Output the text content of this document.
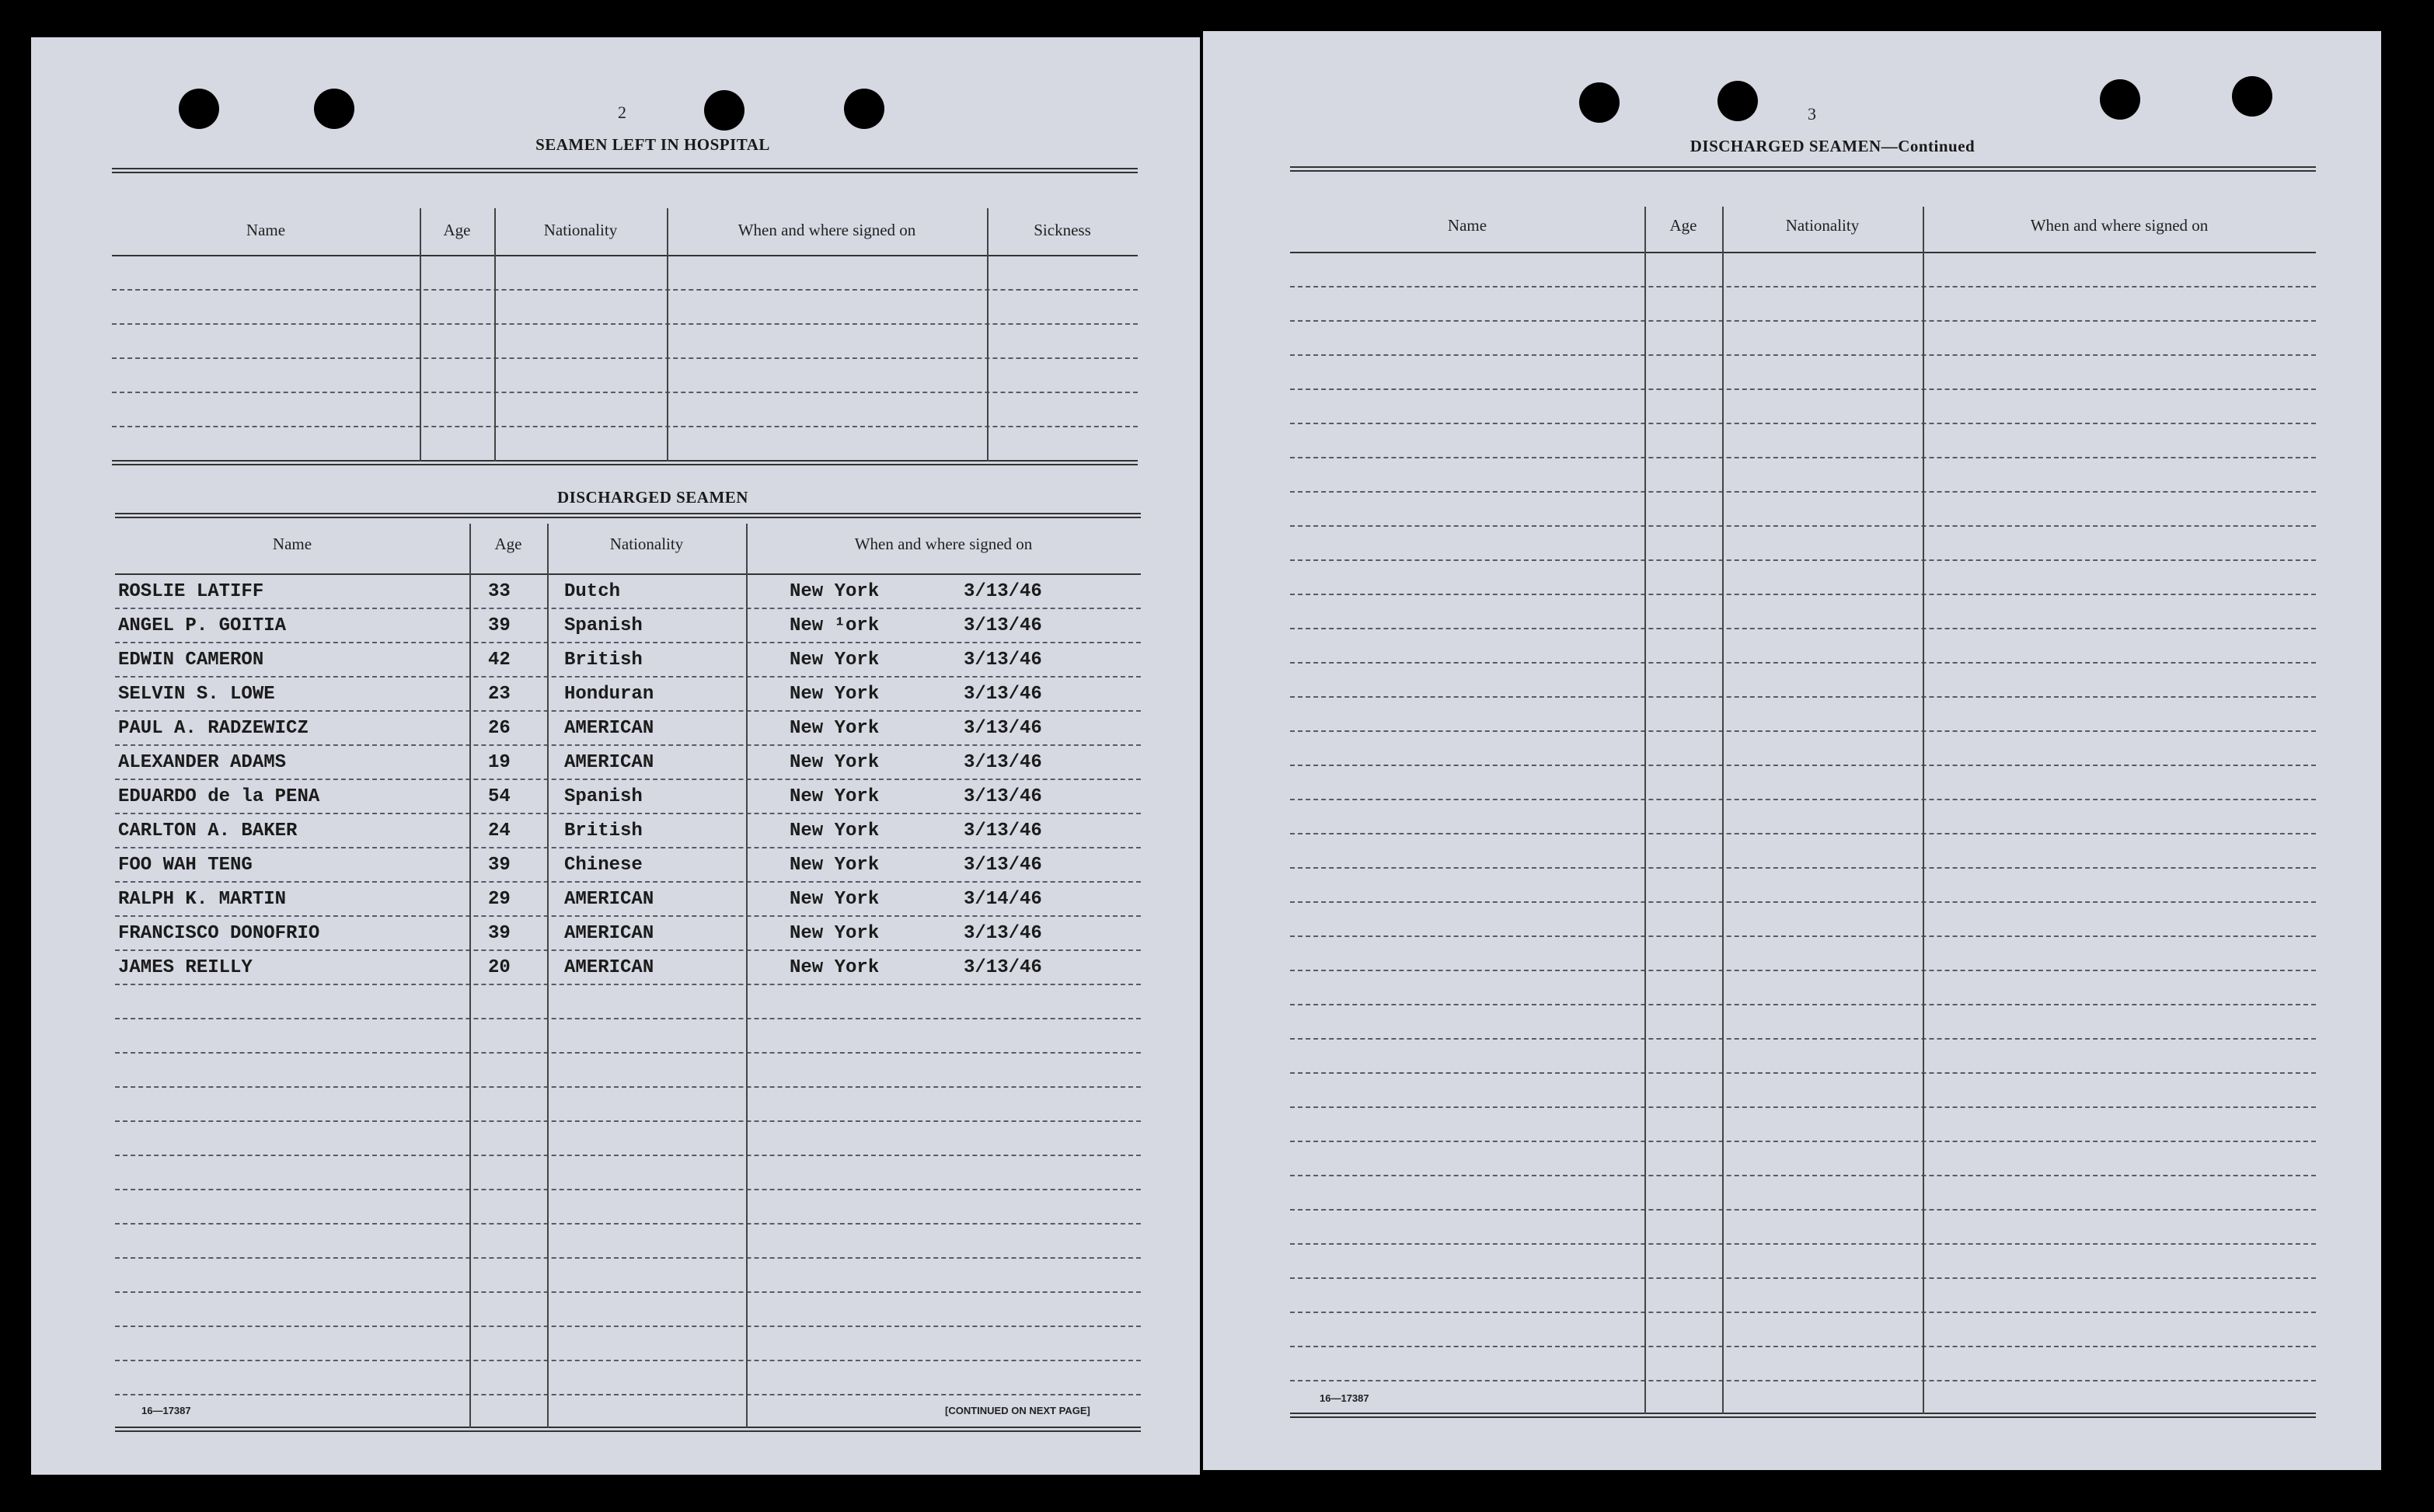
2
SEAMEN LEFT IN HOSPITAL
Name	Age	Nationality	When and where signed on	Sickness
DISCHARGED SEAMEN
Name	Age	Nationality	When and where signed on
ROSLIE LATIFF	33	Dutch	New York	3/13/46
ANGEL P. GOITIA	39	Spanish	New ¹ork	3/13/46
EDWIN CAMERON	42	British	New York	3/13/46
SELVIN S. LOWE	23	Honduran	New York	3/13/46
PAUL A. RADZEWICZ	26	AMERICAN	New York	3/13/46
ALEXANDER ADAMS	19	AMERICAN	New York	3/13/46
EDUARDO de la PENA	54	Spanish	New York	3/13/46
CARLTON A. BAKER	24	British	New York	3/13/46
FOO WAH TENG	39	Chinese	New York	3/13/46
RALPH K. MARTIN	29	AMERICAN	New York	3/14/46
FRANCISCO DONOFRIO	39	AMERICAN	New York	3/13/46
JAMES REILLY	20	AMERICAN	New York	3/13/46
16—17387	[CONTINUED ON NEXT PAGE]
3
DISCHARGED SEAMEN—Continued
Name	Age	Nationality	When and where signed on
16—17387
